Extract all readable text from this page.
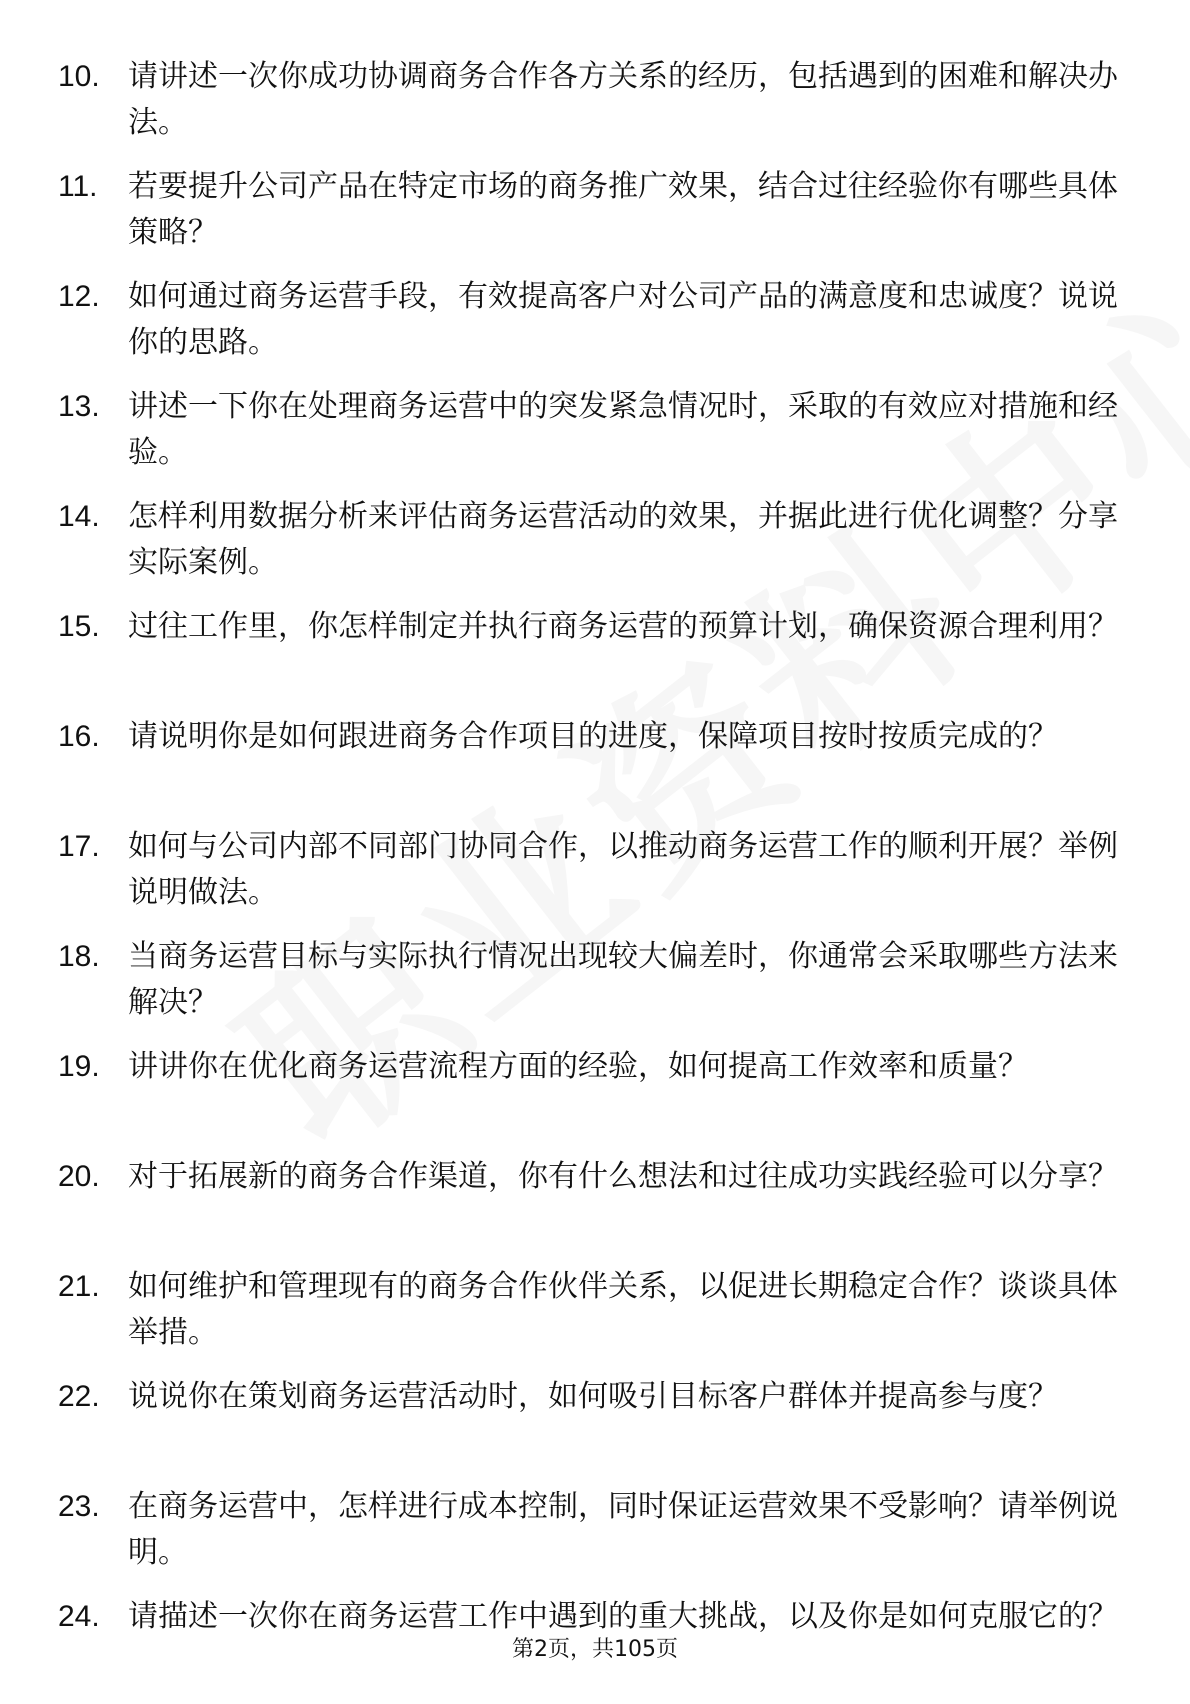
10. 请讲述一次你成功协调商务合作各方关系的经历，包括遇到的困难和解决办法。
11.	若要提升公司产品在特定市场的商务推广效果，结合过往经验你有哪些具体策略？
12. 如何通过商务运营手段，有效提高客户对公司产品的满意度和忠诚度？说说你的思路。
13. 讲述一下你在处理商务运营中的突发紧急情况时，采取的有效应对措施和经验。
14. 怎样利用数据分析来评估商务运营活动的效果，并据此进行优化调整？分享实际案例。
15. 过往工作里，你怎样制定并执行商务运营的预算计划，确保资源合理利用？
16. 请说明你是如何跟进商务合作项目的进度，保障项目按时按质完成的？
17. 如何与公司内部不同部门协同合作，以推动商务运营工作的顺利开展？举例说明做法。
18. 当商务运营目标与实际执行情况出现较大偏差时，你通常会采取哪些方法来解决？
19. 讲讲你在优化商务运营流程方面的经验，如何提高工作效率和质量？
20. 对于拓展新的商务合作渠道，你有什么想法和过往成功实践经验可以分享？
21. 如何维护和管理现有的商务合作伙伴关系，以促进长期稳定合作？谈谈具体举措。
22. 说说你在策划商务运营活动时，如何吸引目标客户群体并提高参与度？
23. 在商务运营中，怎样进行成本控制，同时保证运营效果不受影响？请举例说明。
24. 请描述一次你在商务运营工作中遇到的重大挑战，以及你是如何克服它的？
第2页，共105页
